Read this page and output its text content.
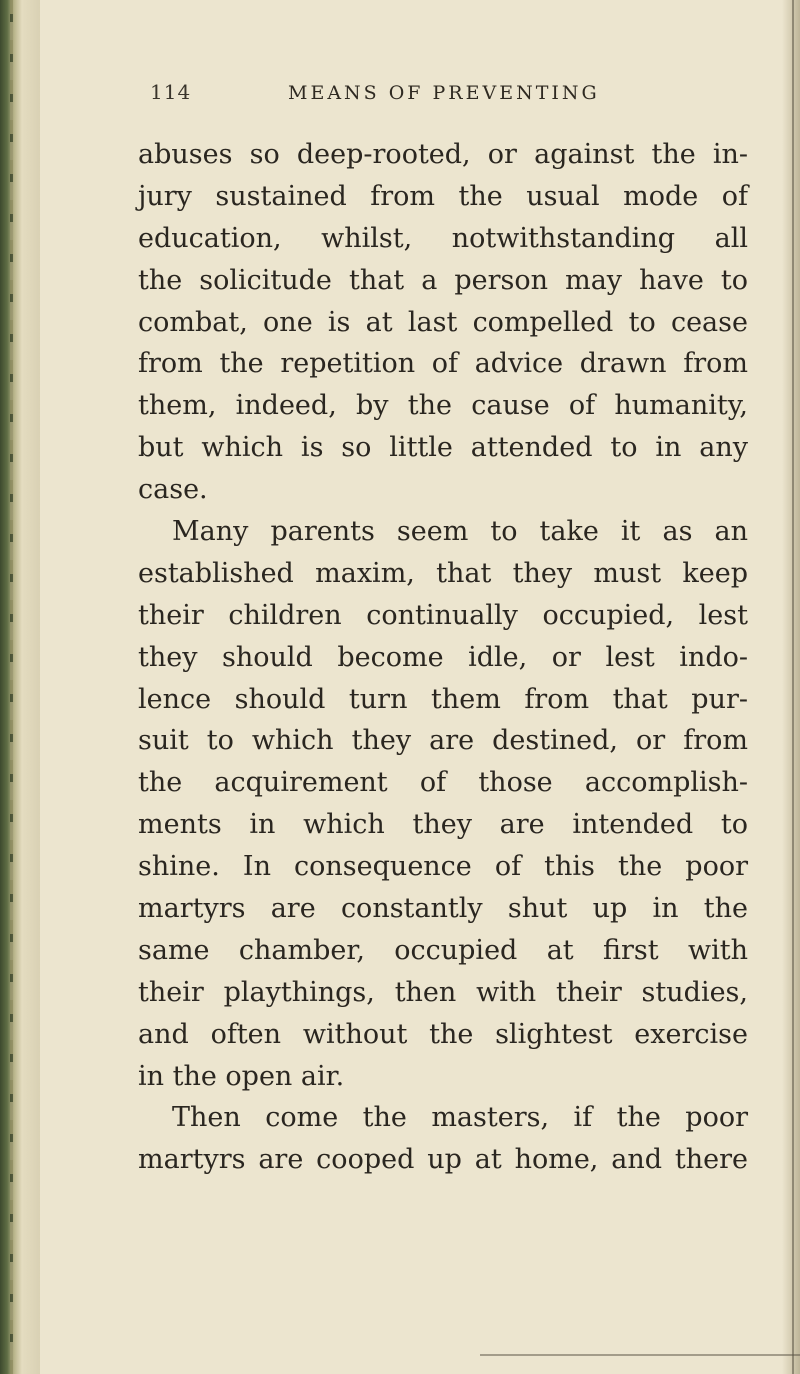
114	MEANS OF PREVENTING
abuses so deep-rooted, or against the in-
jury sustained from the usual mode of
education, whilst, notwithstanding all
the solicitude that a person may have to
combat, one is at last compelled to cease
from the repetition of advice drawn from
them, indeed, by the cause of humanity,
but which is so little attended to in any
case.
Many parents seem to take it as an
established maxim, that they must keep
their children continually occupied, lest
they should become idle, or lest indo-
lence should turn them from that pur-
suit to which they are destined, or from
the acquirement of those accomplish-
ments in which they are intended to
shine. In consequence of this the poor
martyrs are constantly shut up in the
same chamber, occupied at first with
their playthings, then with their studies,
and often without the slightest exercise
in the open air.
Then come the masters, if the poor
martyrs are cooped up at home, and there
